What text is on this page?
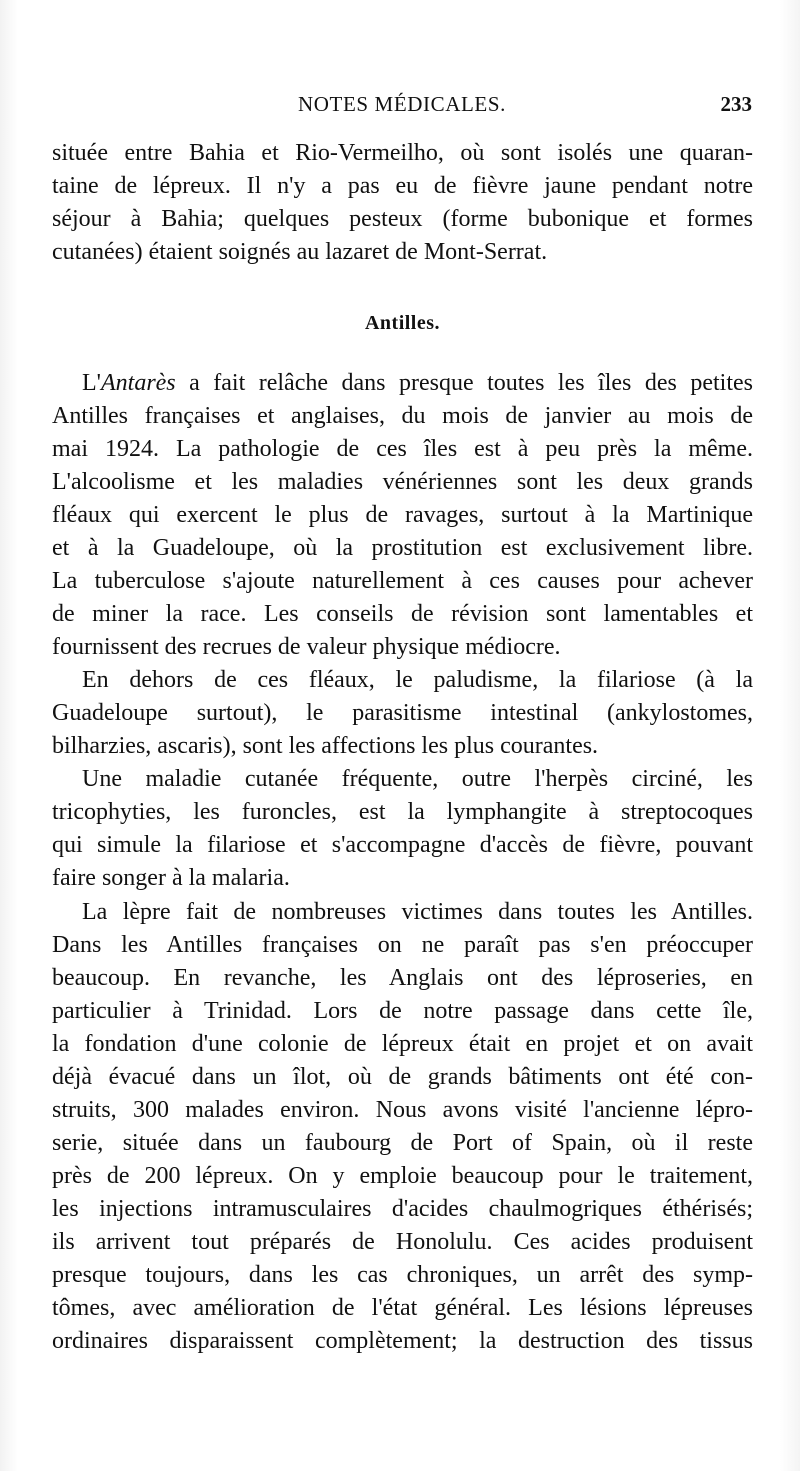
NOTES MÉDICALES.	233
située entre Bahia et Rio-Vermeilho, où sont isolés une quaran-
taine de lépreux. Il n'y a pas eu de fièvre jaune pendant notre
séjour à Bahia; quelques pesteux (forme bubonique et formes
cutanées) étaient soignés au lazaret de Mont-Serrat.
Antilles.
L'Antarès a fait relâche dans presque toutes les îles des petites
Antilles françaises et anglaises, du mois de janvier au mois de
mai 1924. La pathologie de ces îles est à peu près la même.
L'alcoolisme et les maladies vénériennes sont les deux grands
fléaux qui exercent le plus de ravages, surtout à la Martinique
et à la Guadeloupe, où la prostitution est exclusivement libre.
La tuberculose s'ajoute naturellement à ces causes pour achever
de miner la race. Les conseils de révision sont lamentables et
fournissent des recrues de valeur physique médiocre.
En dehors de ces fléaux, le paludisme, la filariose (à la
Guadeloupe surtout), le parasitisme intestinal (ankylostomes,
bilharzies, ascaris), sont les affections les plus courantes.
Une maladie cutanée fréquente, outre l'herpès circiné, les
tricophyties, les furoncles, est la lymphangite à streptocoques
qui simule la filariose et s'accompagne d'accès de fièvre, pouvant
faire songer à la malaria.
La lèpre fait de nombreuses victimes dans toutes les Antilles.
Dans les Antilles françaises on ne paraît pas s'en préoccuper
beaucoup. En revanche, les Anglais ont des léproseries, en
particulier à Trinidad. Lors de notre passage dans cette île,
la fondation d'une colonie de lépreux était en projet et on avait
déjà évacué dans un îlot, où de grands bâtiments ont été con-
struits, 300 malades environ. Nous avons visité l'ancienne lépro-
serie, située dans un faubourg de Port of Spain, où il reste
près de 200 lépreux. On y emploie beaucoup pour le traitement,
les injections intramusculaires d'acides chaulmogriques éthérisés;
ils arrivent tout préparés de Honolulu. Ces acides produisent
presque toujours, dans les cas chroniques, un arrêt des symp-
tômes, avec amélioration de l'état général. Les lésions lépreuses
ordinaires disparaissent complètement; la destruction des tissus
